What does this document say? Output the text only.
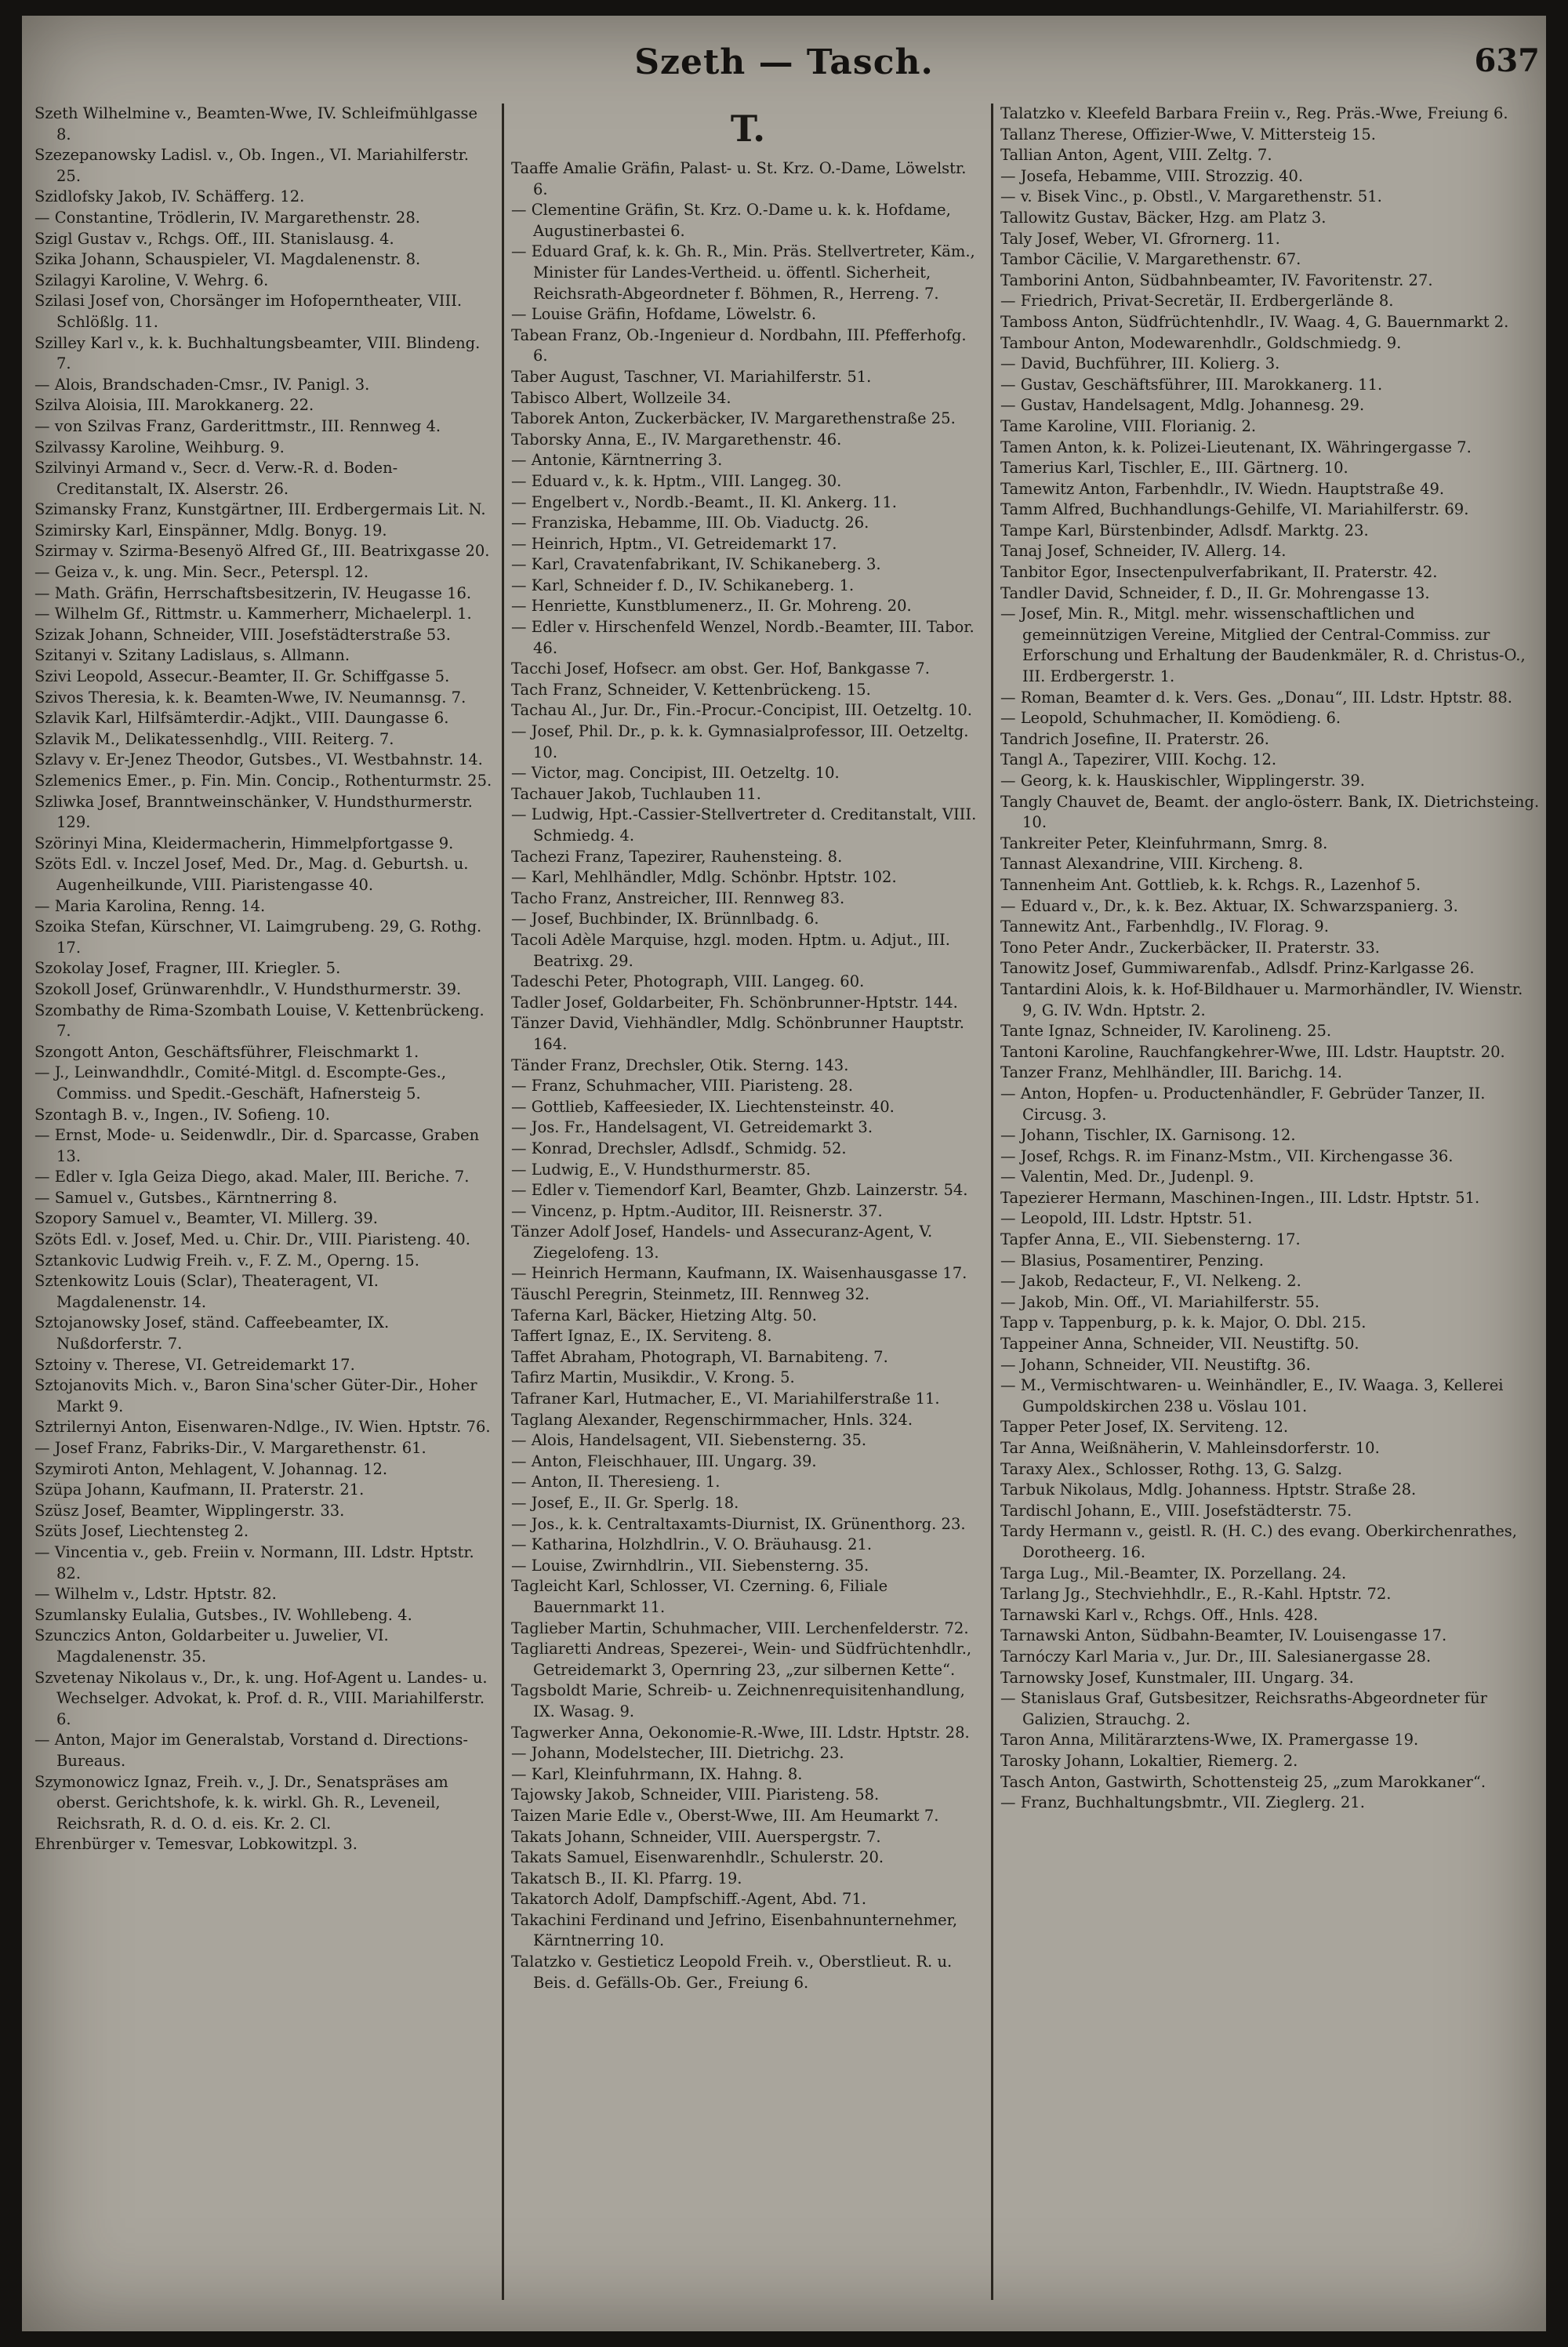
Szeth — Tasch.	637

Szeth Wilhelmine v., Beamten-Wwe, IV. Schleifmühlgasse 8.

Szezepanowsky Ladisl. v., Ob. Ingen., VI. Mariahilferstr. 25.

Szidlofsky Jakob, IV. Schäfferg. 12.

— Constantine, Trödlerin, IV. Margarethenstr. 28.

Szigl Gustav v., Rchgs. Off., III. Stanislausg. 4.

Szika Johann, Schauspieler, VI. Magdalenenstr. 8.

Szilagyi Karoline, V. Wehrg. 6.

Szilasi Josef von, Chorsänger im Hofoperntheater, VIII. Schlößlg. 11.

Szilley Karl v., k. k. Buchhaltungsbeamter, VIII. Blindeng. 7.

— Alois, Brandschaden-Cmsr., IV. Panigl. 3.

Szilva Aloisia, III. Marokkanerg. 22.

— von Szilvas Franz, Garderittmstr., III. Rennweg 4.

Szilvassy Karoline, Weihburg. 9.

Szilvinyi Armand v., Secr. d. Verw.-R. d. Boden-Creditanstalt, IX. Alserstr. 26.

Szimansky Franz, Kunstgärtner, III. Erdbergermais Lit. N.

Szimirsky Karl, Einspänner, Mdlg. Bonyg. 19.

Szirmay v. Szirma-Besenyö Alfred Gf., III. Beatrixgasse 20.

— Geiza v., k. ung. Min. Secr., Peterspl. 12.

— Math. Gräfin, Herrschaftsbesitzerin, IV. Heugasse 16.

— Wilhelm Gf., Rittmstr. u. Kammerherr, Michaelerpl. 1.

Szizak Johann, Schneider, VIII. Josefstädterstraße 53.

Szitanyi v. Szitany Ladislaus, s. Allmann.

Szivi Leopold, Assecur.-Beamter, II. Gr. Schiffgasse 5.

Szivos Theresia, k. k. Beamten-Wwe, IV. Neumannsg. 7.

Szlavik Karl, Hilfsämterdir.-Adjkt., VIII. Daungasse 6.

Szlavik M., Delikatessenhdlg., VIII. Reiterg. 7.

Szlavy v. Er-Jenez Theodor, Gutsbes., VI. Westbahnstr. 14.

Szlemenics Emer., p. Fin. Min. Concip., Rothenturmstr. 25.

Szliwka Josef, Branntweinschänker, V. Hundsthurmerstr. 129.

Szörinyi Mina, Kleidermacherin, Himmelpfortgasse 9.

Szöts Edl. v. Inczel Josef, Med. Dr., Mag. d. Geburtsh. u. Augenheilkunde, VIII. Piaristengasse 40.

— Maria Karolina, Renng. 14.

Szoika Stefan, Kürschner, VI. Laimgrubeng. 29, G. Rothg. 17.

Szokolay Josef, Fragner, III. Kriegler. 5.

Szokoll Josef, Grünwarenhdlr., V. Hundsthurmerstr. 39.

Szombathy de Rima-Szombath Louise, V. Kettenbrückeng. 7.

Szongott Anton, Geschäftsführer, Fleischmarkt 1.

— J., Leinwandhdlr., Comité-Mitgl. d. Escompte-Ges., Commiss. und Spedit.-Geschäft, Hafnersteig 5.

Szontagh B. v., Ingen., IV. Sofieng. 10.

— Ernst, Mode- u. Seidenwdlr., Dir. d. Sparcasse, Graben 13.

— Edler v. Igla Geiza Diego, akad. Maler, III. Beriche. 7.

— Samuel v., Gutsbes., Kärntnerring 8.

Szopory Samuel v., Beamter, VI. Millerg. 39.

Szöts Edl. v. Josef, Med. u. Chir. Dr., VIII. Piaristeng. 40.

Sztankovic Ludwig Freih. v., F. Z. M., Operng. 15.

Sztenkowitz Louis (Sclar), Theateragent, VI. Magdalenenstr. 14.

Sztojanowsky Josef, ständ. Caffeebeamter, IX. Nußdorferstr. 7.

Sztoiny v. Therese, VI. Getreidemarkt 17.

Sztojanovits Mich. v., Baron Sina'scher Güter-Dir., Hoher Markt 9.

Sztrilernyi Anton, Eisenwaren-Ndlge., IV. Wien. Hptstr. 76.

— Josef Franz, Fabriks-Dir., V. Margarethenstr. 61.

Szymiroti Anton, Mehlagent, V. Johannag. 12.

Szüpa Johann, Kaufmann, II. Praterstr. 21.

Szüsz Josef, Beamter, Wipplingerstr. 33.

Szüts Josef, Liechtensteg 2.

— Vincentia v., geb. Freiin v. Normann, III. Ldstr. Hptstr. 82.

— Wilhelm v., Ldstr. Hptstr. 82.

Szumlansky Eulalia, Gutsbes., IV. Wohllebeng. 4.

Szunczics Anton, Goldarbeiter u. Juwelier, VI. Magdalenenstr. 35.

Szvetenay Nikolaus v., Dr., k. ung. Hof-Agent u. Landes- u. Wechselger. Advokat, k. Prof. d. R., VIII. Mariahilferstr. 6.

— Anton, Major im Generalstab, Vorstand d. Directions-Bureaus.

Szymonowicz Ignaz, Freih. v., J. Dr., Senatspräses am oberst. Gerichtshofe, k. k. wirkl. Gh. R., Leveneil, Reichsrath, R. d. O. d. eis. Kr. 2. Cl.

Ehrenbürger v. Temesvar, Lobkowitzpl. 3.

T.

Taaffe Amalie Gräfin, Palast- u. St. Krz. O.-Dame, Löwelstr. 6.

— Clementine Gräfin, St. Krz. O.-Dame u. k. k. Hofdame, Augustinerbastei 6.

— Eduard Graf, k. k. Gh. R., Min. Präs. Stellvertreter, Käm., Minister für Landes-Vertheid. u. öffentl. Sicherheit, Reichsrath-Abgeordneter f. Böhmen, R., Herreng. 7.

— Louise Gräfin, Hofdame, Löwelstr. 6.

Tabean Franz, Ob.-Ingenieur d. Nordbahn, III. Pfefferhofg. 6.

Taber August, Taschner, VI. Mariahilferstr. 51.

Tabisco Albert, Wollzeile 34.

Taborek Anton, Zuckerbäcker, IV. Margarethenstraße 25.

Taborsky Anna, E., IV. Margarethenstr. 46.

— Antonie, Kärntnerring 3.

— Eduard v., k. k. Hptm., VIII. Langeg. 30.

— Engelbert v., Nordb.-Beamt., II. Kl. Ankerg. 11.

— Franziska, Hebamme, III. Ob. Viaductg. 26.

— Heinrich, Hptm., VI. Getreidemarkt 17.

— Karl, Cravatenfabrikant, IV. Schikaneberg. 3.

— Karl, Schneider f. D., IV. Schikaneberg. 1.

— Henriette, Kunstblumenerz., II. Gr. Mohreng. 20.

— Edler v. Hirschenfeld Wenzel, Nordb.-Beamter, III. Tabor. 46.

Tacchi Josef, Hofsecr. am obst. Ger. Hof, Bankgasse 7.

Tach Franz, Schneider, V. Kettenbrückeng. 15.

Tachau Al., Jur. Dr., Fin.-Procur.-Concipist, III. Oetzeltg. 10.

— Josef, Phil. Dr., p. k. k. Gymnasialprofessor, III. Oetzeltg. 10.

— Victor, mag. Concipist, III. Oetzeltg. 10.

Tachauer Jakob, Tuchlauben 11.

— Ludwig, Hpt.-Cassier-Stellvertreter d. Creditanstalt, VIII. Schmiedg. 4.

Tachezi Franz, Tapezirer, Rauhensteing. 8.

— Karl, Mehlhändler, Mdlg. Schönbr. Hptstr. 102.

Tacho Franz, Anstreicher, III. Rennweg 83.

— Josef, Buchbinder, IX. Brünnlbadg. 6.

Tacoli Adèle Marquise, hzgl. moden. Hptm. u. Adjut., III. Beatrixg. 29.

Tadeschi Peter, Photograph, VIII. Langeg. 60.

Tadler Josef, Goldarbeiter, Fh. Schönbrunner-Hptstr. 144.

Tänzer David, Viehhändler, Mdlg. Schönbrunner Hauptstr. 164.

Tänder Franz, Drechsler, Otik. Sterng. 143.

— Franz, Schuhmacher, VIII. Piaristeng. 28.

— Gottlieb, Kaffeesieder, IX. Liechtensteinstr. 40.

— Jos. Fr., Handelsagent, VI. Getreidemarkt 3.

— Konrad, Drechsler, Adlsdf., Schmidg. 52.

— Ludwig, E., V. Hundsthurmerstr. 85.

— Edler v. Tiemendorf Karl, Beamter, Ghzb. Lainzerstr. 54.

— Vincenz, p. Hptm.-Auditor, III. Reisnerstr. 37.

Tänzer Adolf Josef, Handels- und Assecuranz-Agent, V. Ziegelofeng. 13.

— Heinrich Hermann, Kaufmann, IX. Waisenhausgasse 17.

Täuschl Peregrin, Steinmetz, III. Rennweg 32.

Taferna Karl, Bäcker, Hietzing Altg. 50.

Taffert Ignaz, E., IX. Serviteng. 8.

Taffet Abraham, Photograph, VI. Barnabiteng. 7.

Tafirz Martin, Musikdir., V. Krong. 5.

Tafraner Karl, Hutmacher, E., VI. Mariahilferstraße 11.

Taglang Alexander, Regenschirmmacher, Hnls. 324.

— Alois, Handelsagent, VII. Siebensterng. 35.

— Anton, Fleischhauer, III. Ungarg. 39.

— Anton, II. Theresieng. 1.

— Josef, E., II. Gr. Sperlg. 18.

— Jos., k. k. Centraltaxamts-Diurnist, IX. Grünenthorg. 23.

— Katharina, Holzhdlrin., V. O. Bräuhausg. 21.

— Louise, Zwirnhdlrin., VII. Siebensterng. 35.

Tagleicht Karl, Schlosser, VI. Czerning. 6, Filiale Bauernmarkt 11.

Taglieber Martin, Schuhmacher, VIII. Lerchenfelderstr. 72.

Tagliaretti Andreas, Spezerei-, Wein- und Südfrüchtenhdlr., Getreidemarkt 3, Opernring 23, „zur silbernen Kette“.

Tagsboldt Marie, Schreib- u. Zeichnenrequisitenhandlung, IX. Wasag. 9.

Tagwerker Anna, Oekonomie-R.-Wwe, III. Ldstr. Hptstr. 28.

— Johann, Modelstecher, III. Dietrichg. 23.

— Karl, Kleinfuhrmann, IX. Hahng. 8.

Tajowsky Jakob, Schneider, VIII. Piaristeng. 58.

Taizen Marie Edle v., Oberst-Wwe, III. Am Heumarkt 7.

Takats Johann, Schneider, VIII. Auerspergstr. 7.

Takats Samuel, Eisenwarenhdlr., Schulerstr. 20.

Takatsch B., II. Kl. Pfarrg. 19.

Takatorch Adolf, Dampfschiff.-Agent, Abd. 71.

Takachini Ferdinand und Jefrino, Eisenbahnunternehmer, Kärntnerring 10.

Talatzko v. Gestieticz Leopold Freih. v., Oberstlieut. R. u. Beis. d. Gefälls-Ob. Ger., Freiung 6.

Talatzko v. Kleefeld Barbara Freiin v., Reg. Präs.-Wwe, Freiung 6.

Tallanz Therese, Offizier-Wwe, V. Mittersteig 15.

Tallian Anton, Agent, VIII. Zeltg. 7.

— Josefa, Hebamme, VIII. Strozzig. 40.

— v. Bisek Vinc., p. Obstl., V. Margarethenstr. 51.

Tallowitz Gustav, Bäcker, Hzg. am Platz 3.

Taly Josef, Weber, VI. Gfrornerg. 11.

Tambor Cäcilie, V. Margarethenstr. 67.

Tamborini Anton, Südbahnbeamter, IV. Favoritenstr. 27.

— Friedrich, Privat-Secretär, II. Erdbergerlände 8.

Tamboss Anton, Südfrüchtenhdlr., IV. Waag. 4, G. Bauernmarkt 2.

Tambour Anton, Modewarenhdlr., Goldschmiedg. 9.

— David, Buchführer, III. Kolierg. 3.

— Gustav, Geschäftsführer, III. Marokkanerg. 11.

— Gustav, Handelsagent, Mdlg. Johannesg. 29.

Tame Karoline, VIII. Florianig. 2.

Tamen Anton, k. k. Polizei-Lieutenant, IX. Währingergasse 7.

Tamerius Karl, Tischler, E., III. Gärtnerg. 10.

Tamewitz Anton, Farbenhdlr., IV. Wiedn. Hauptstraße 49.

Tamm Alfred, Buchhandlungs-Gehilfe, VI. Mariahilferstr. 69.

Tampe Karl, Bürstenbinder, Adlsdf. Marktg. 23.

Tanaj Josef, Schneider, IV. Allerg. 14.

Tanbitor Egor, Insectenpulverfabrikant, II. Praterstr. 42.

Tandler David, Schneider, f. D., II. Gr. Mohrengasse 13.

— Josef, Min. R., Mitgl. mehr. wissenschaftlichen und gemeinnützigen Vereine, Mitglied der Central-Commiss. zur Erforschung und Erhaltung der Baudenkmäler, R. d. Christus-O., III. Erdbergerstr. 1.

— Roman, Beamter d. k. Vers. Ges. „Donau“, III. Ldstr. Hptstr. 88.

— Leopold, Schuhmacher, II. Komödieng. 6.

Tandrich Josefine, II. Praterstr. 26.

Tangl A., Tapezirer, VIII. Kochg. 12.

— Georg, k. k. Hauskischler, Wipplingerstr. 39.

Tangly Chauvet de, Beamt. der anglo-österr. Bank, IX. Dietrichsteing. 10.

Tankreiter Peter, Kleinfuhrmann, Smrg. 8.

Tannast Alexandrine, VIII. Kircheng. 8.

Tannenheim Ant. Gottlieb, k. k. Rchgs. R., Lazenhof 5.

— Eduard v., Dr., k. k. Bez. Aktuar, IX. Schwarzspanierg. 3.

Tannewitz Ant., Farbenhdlg., IV. Florag. 9.

Tono Peter Andr., Zuckerbäcker, II. Praterstr. 33.

Tanowitz Josef, Gummiwarenfab., Adlsdf. Prinz-Karlgasse 26.

Tantardini Alois, k. k. Hof-Bildhauer u. Marmorhändler, IV. Wienstr. 9, G. IV. Wdn. Hptstr. 2.

Tante Ignaz, Schneider, IV. Karolineng. 25.

Tantoni Karoline, Rauchfangkehrer-Wwe, III. Ldstr. Hauptstr. 20.

Tanzer Franz, Mehlhändler, III. Barichg. 14.

— Anton, Hopfen- u. Productenhändler, F. Gebrüder Tanzer, II. Circusg. 3.

— Johann, Tischler, IX. Garnisong. 12.

— Josef, Rchgs. R. im Finanz-Mstm., VII. Kirchengasse 36.

— Valentin, Med. Dr., Judenpl. 9.

Tapezierer Hermann, Maschinen-Ingen., III. Ldstr. Hptstr. 51.

— Leopold, III. Ldstr. Hptstr. 51.

Tapfer Anna, E., VII. Siebensterng. 17.

— Blasius, Posamentirer, Penzing.

— Jakob, Redacteur, F., VI. Nelkeng. 2.

— Jakob, Min. Off., VI. Mariahilferstr. 55.

Tapp v. Tappenburg, p. k. k. Major, O. Dbl. 215.

Tappeiner Anna, Schneider, VII. Neustiftg. 50.

— Johann, Schneider, VII. Neustiftg. 36.

— M., Vermischtwaren- u. Weinhändler, E., IV. Waaga. 3, Kellerei Gumpoldskirchen 238 u. Vöslau 101.

Tapper Peter Josef, IX. Serviteng. 12.

Tar Anna, Weißnäherin, V. Mahleinsdorferstr. 10.

Taraxy Alex., Schlosser, Rothg. 13, G. Salzg.

Tarbuk Nikolaus, Mdlg. Johanness. Hptstr. Straße 28.

Tardischl Johann, E., VIII. Josefstädterstr. 75.

Tardy Hermann v., geistl. R. (H. C.) des evang. Oberkirchenrathes, Dorotheerg. 16.

Targa Lug., Mil.-Beamter, IX. Porzellang. 24.

Tarlang Jg., Stechviehhdlr., E., R.-Kahl. Hptstr. 72.

Tarnawski Karl v., Rchgs. Off., Hnls. 428.

Tarnawski Anton, Südbahn-Beamter, IV. Louisengasse 17.

Tarnóczy Karl Maria v., Jur. Dr., III. Salesianergasse 28.

Tarnowsky Josef, Kunstmaler, III. Ungarg. 34.

— Stanislaus Graf, Gutsbesitzer, Reichsraths-Abgeordneter für Galizien, Strauchg. 2.

Taron Anna, Militärarztens-Wwe, IX. Pramergasse 19.

Tarosky Johann, Lokaltier, Riemerg. 2.

Tasch Anton, Gastwirth, Schottensteig 25, „zum Marokkaner“.

— Franz, Buchhaltungsbmtr., VII. Zieglerg. 21.
